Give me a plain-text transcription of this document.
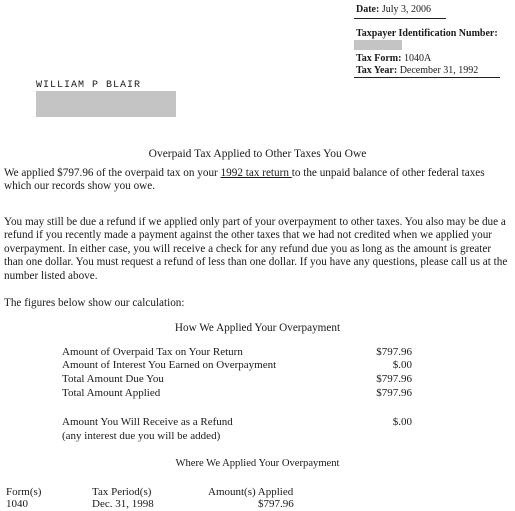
Date: July 3, 2006
Taxpayer Identification Number:
Tax Form: 1040A
Tax Year: December 31, 1992
WILLIAM P BLAIR
Overpaid Tax Applied to Other Taxes You Owe
We applied $797.96 of the overpaid tax on your 1992 tax return to the unpaid balance of other federal taxes which our records show you owe.
You may still be due a refund if we applied only part of your overpayment to other taxes. You also may be due a refund if you recently made a payment against the other taxes that we had not credited when we applied your overpayment. In either case, you will receive a check for any refund due you as long as the amount is greater than one dollar. You must request a refund of less than one dollar. If you have any questions, please call us at the number listed above.
The figures below show our calculation:
How We Applied Your Overpayment
Amount of Overpaid Tax on Your Return	$797.96
Amount of Interest You Earned on Overpayment	$.00
Total Amount Due You	$797.96
Total Amount Applied	$797.96
Amount You Will Receive as a Refund	$.00
(any interest due you will be added)
Where We Applied Your Overpayment
Form(s)	Tax Period(s)	Amount(s) Applied
1040	Dec. 31, 1998	$797.96
